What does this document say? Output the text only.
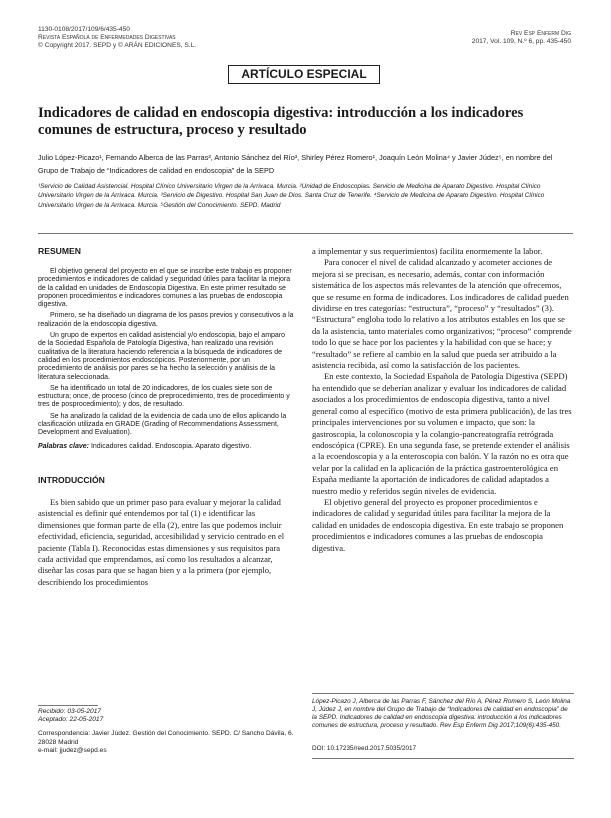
1130-0108/2017/109/6/435-450
Revista Española de Enfermedades Digestivas
© Copyright 2017. SEPD y © ARÁN EDICIONES, S.L.
Rev Esp Enferm Dig
2017, Vol. 109, N.º 6, pp. 435-450
ARTÍCULO ESPECIAL
Indicadores de calidad en endoscopia digestiva: introducción a los indicadores comunes de estructura, proceso y resultado
Julio López-Picazo¹, Fernando Alberca de las Parras², Antonio Sánchez del Río³, Shirley Pérez Romero¹, Joaquín León Molina⁴ y Javier Júdez⁵, en nombre del Grupo de Trabajo de “Indicadores de calidad en endoscopia” de la SEPD
¹Servicio de Calidad Asistencial. Hospital Clínico Universitario Virgen de la Arrixaca. Murcia. ²Unidad de Endoscopias. Servicio de Medicina de Aparato Digestivo. Hospital Clínico Universitario Virgen de la Arrixaca. Murcia. ³Servicio de Digestivo. Hospital San Juan de Dios. Santa Cruz de Tenerife. ⁴Servicio de Medicina de Aparato Digestivo. Hospital Clínico Universitario Virgen de la Arrixaca. Murcia. ⁵Gestión del Conocimiento. SEPD. Madrid
RESUMEN

El objetivo general del proyecto en el que se inscribe este trabajo es proponer procedimientos e indicadores de calidad y seguridad útiles para facilitar la mejora de la calidad en unidades de Endoscopia Digestiva. En este primer resultado se proponen procedimientos e indicadores comunes a las pruebas de endoscopia digestiva.

Primero, se ha diseñado un diagrama de los pasos previos y consecutivos a la realización de la endoscopia digestiva.

Un grupo de expertos en calidad asistencial y/o endoscopia, bajo el amparo de la Sociedad Española de Patología Digestiva, han realizado una revisión cualitativa de la literatura haciendo referencia a la búsqueda de indicadores de calidad en los procedimientos endoscópicos. Posteriormente, por un procedimiento de análisis por pares se ha hecho la selección y análisis de la literatura seleccionada.

Se ha identificado un total de 20 indicadores, de los cuales siete son de estructura; once, de proceso (cinco de preprocedimiento, tres de procedimiento y tres de posprocedimiento); y dos, de resultado.

Se ha analizado la calidad de la evidencia de cada uno de ellos aplicando la clasificación utilizada en GRADE (Grading of Recommendations Assessment, Development and Evaluation).

Palabras clave: Indicadores calidad. Endoscopia. Aparato digestivo.

INTRODUCCIÓN

Es bien sabido que un primer paso para evaluar y mejorar la calidad asistencial es definir qué entendemos por tal (1) e identificar las dimensiones que forman parte de ella (2), entre las que podemos incluir efectividad, eficiencia, seguridad, accesibilidad y servicio centrado en el paciente (Tabla I). Reconocidas estas dimensiones y sus requisitos para cada actividad que emprendamos, así como los resultados a alcanzar, diseñar las cosas para que se hagan bien y a la primera (por ejemplo, describiendo los procedimientos

a implementar y sus requerimientos) facilita enormemente la labor.

Para conocer el nivel de calidad alcanzado y acometer acciones de mejora si se precisan, es necesario, además, contar con información sistemática de los aspectos más relevantes de la atención que ofrecemos, que se resume en forma de indicadores. Los indicadores de calidad pueden dividirse en tres categorías: “estructura”, “proceso” y “resultados” (3). “Estructura” engloba todo lo relativo a los atributos estables en los que se da la asistencia, tanto materiales como organizativos; “proceso” comprende todo lo que se hace por los pacientes y la habilidad con que se hace; y “resultado” se refiere al cambio en la salud que pueda ser atribuido a la asistencia recibida, así como la satisfacción de los pacientes.

En este contexto, la Sociedad Española de Patología Digestiva (SEPD) ha entendido que se deberían analizar y evaluar los indicadores de calidad asociados a los procedimientos de endoscopia digestiva, tanto a nivel general como al específico (motivo de esta primera publicación), de las tres principales intervenciones por su volumen e impacto, que son: la gastroscopia, la colonoscopia y la colangio-pancreatografía retrógrada endoscópica (CPRE). En una segunda fase, se pretende extender el análisis a la ecoendoscopia y a la enteroscopia con balón. Y la razón no es otra que velar por la calidad en la aplicación de la práctica gastroenterológica en España mediante la aportación de indicadores de calidad adaptados a nuestro medio y referidos según niveles de evidencia.

El objetivo general del proyecto es proponer procedimientos e indicadores de calidad y seguridad útiles para facilitar la mejora de la calidad en unidades de endoscopia digestiva. En este trabajo se proponen procedimientos e indicadores comunes a las pruebas de endoscopia digestiva.

Recibido: 03-05-2017
Aceptado: 22-05-2017
Correspondencia: Javier Júdez. Gestión del Conocimiento. SEPD. C/ Sancho Dávila, 6. 28028 Madrid
e-mail: jjudez@sepd.es
López-Picazo J, Alberca de las Parras F, Sánchez del Río A, Pérez Romero S, León Molina J, Júdez J, en nombre del Grupo de Trabajo de “Indicadores de calidad en endoscopia” de la SEPD. Indicadores de calidad en endoscopia digestiva: introducción a los indicadores comunes de estructura, proceso y resultado. Rev Esp Enferm Dig 2017;109(6):435-450.
DOI: 10.17235/reed.2017.5035/2017
